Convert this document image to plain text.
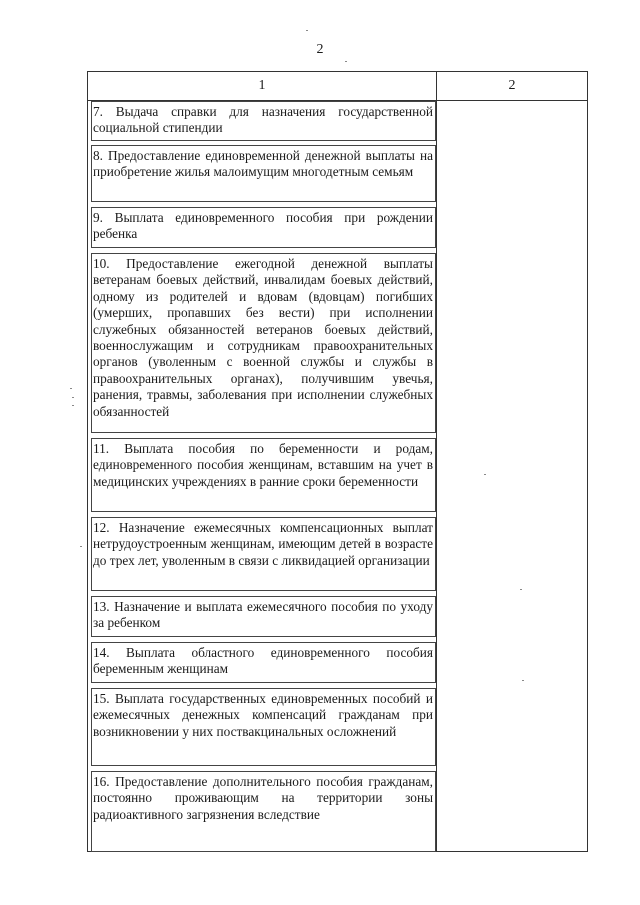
2
1	2
7. Выдача справки для назначения государственной социальной стипендии
8. Предоставление единовременной денежной выплаты на приобретение жилья малоимущим многодетным семьям
9. Выплата единовременного пособия при рождении ребенка
10. Предоставление ежегодной денежной выплаты ветеранам боевых действий, инвалидам боевых действий, одному из родителей и вдовам (вдовцам) погибших (умерших, пропавших без вести) при исполнении служебных обязанностей ветеранов боевых действий, военнослужащим и сотрудникам правоохранительных органов (уволенным с военной службы и службы в правоохранительных органах), получившим увечья, ранения, травмы, заболевания при исполнении служебных обязанностей
11. Выплата пособия по беременности и родам, единовременного пособия женщинам, вставшим на учет в медицинских учреждениях в ранние сроки беременности
12. Назначение ежемесячных компенсационных выплат нетрудоустроенным женщинам, имеющим детей в возрасте до трех лет, уволенным в связи с ликвидацией организации
13. Назначение и выплата ежемесячного пособия по уходу за ребенком
14. Выплата областного единовременного пособия беременным женщинам
15. Выплата государственных единовременных пособий и ежемесячных денежных компенсаций гражданам при возникновении у них поствакцинальных осложнений
16. Предоставление дополнительного пособия гражданам, постоянно проживающим на территории зоны радиоактивного загрязнения вследствие
